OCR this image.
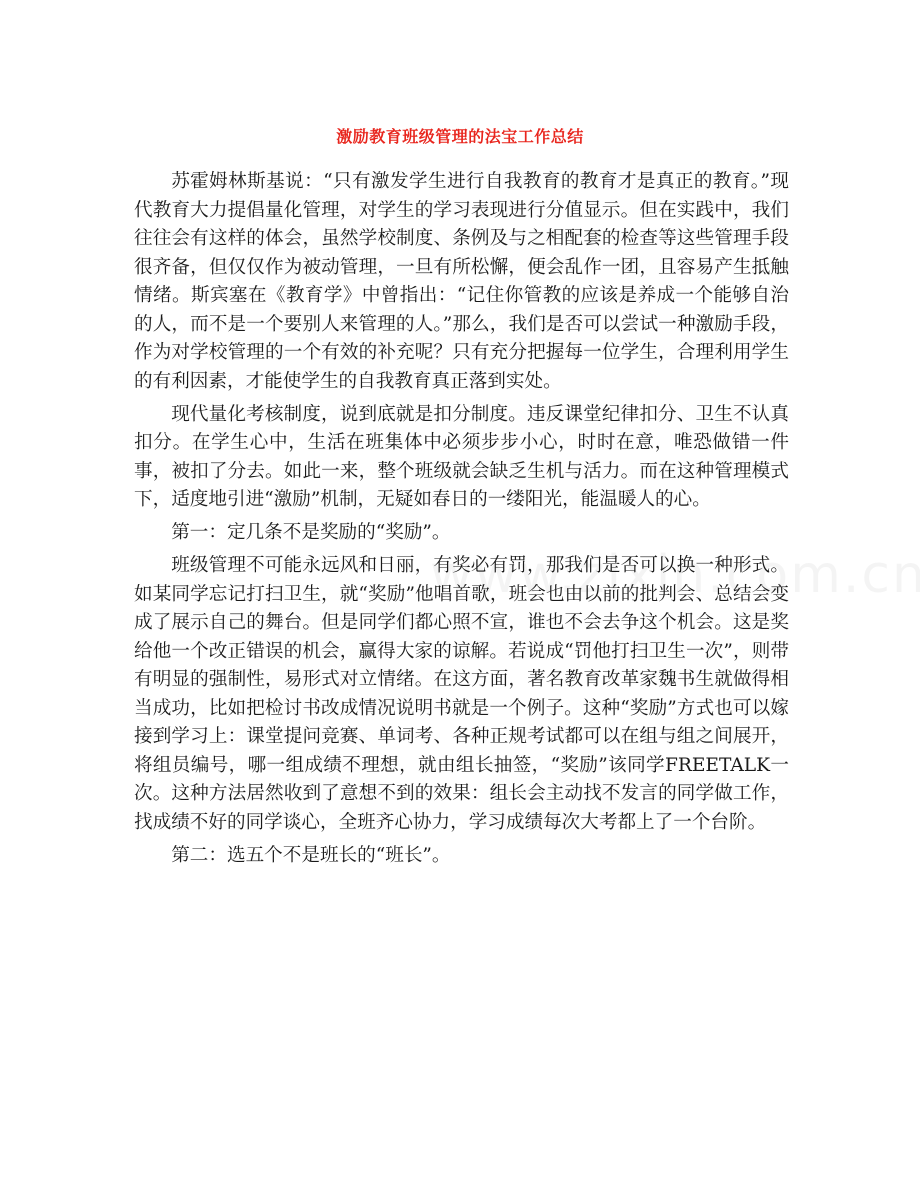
激励教育班级管理的法宝工作总结

苏霍姆林斯基说：“只有激发学生进行自我教育的教育才是真正的教育。”现代教育大力提倡量化管理，对学生的学习表现进行分值显示。但在实践中，我们往往会有这样的体会，虽然学校制度、条例及与之相配套的检查等这些管理手段很齐备，但仅仅作为被动管理，一旦有所松懈，便会乱作一团，且容易产生抵触情绪。斯宾塞在《教育学》中曾指出：“记住你管教的应该是养成一个能够自治的人，而不是一个要别人来管理的人。”那么，我们是否可以尝试一种激励手段，作为对学校管理的一个有效的补充呢？只有充分把握每一位学生，合理利用学生的有利因素，才能使学生的自我教育真正落到实处。

现代量化考核制度，说到底就是扣分制度。违反课堂纪律扣分、卫生不认真扣分。在学生心中，生活在班集体中必须步步小心，时时在意，唯恐做错一件事，被扣了分去。如此一来，整个班级就会缺乏生机与活力。而在这种管理模式下，适度地引进“激励”机制，无疑如春日的一缕阳光，能温暖人的心。

第一：定几条不是奖励的“奖励”。

班级管理不可能永远风和日丽，有奖必有罚，那我们是否可以换一种形式。如某同学忘记打扫卫生，就“奖励”他唱首歌，班会也由以前的批判会、总结会变成了展示自己的舞台。但是同学们都心照不宣，谁也不会去争这个机会。这是奖给他一个改正错误的机会，赢得大家的谅解。若说成“罚他打扫卫生一次”，则带有明显的强制性，易形式对立情绪。在这方面，著名教育改革家魏书生就做得相当成功，比如把检讨书改成情况说明书就是一个例子。这种“奖励”方式也可以嫁接到学习上：课堂提问竞赛、单词考、各种正规考试都可以在组与组之间展开，将组员编号，哪一组成绩不理想，就由组长抽签，“奖励”该同学FREETALK一次。这种方法居然收到了意想不到的效果：组长会主动找不发言的同学做工作，找成绩不好的同学谈心，全班齐心协力，学习成绩每次大考都上了一个台阶。

第二：选五个不是班长的“班长”。
